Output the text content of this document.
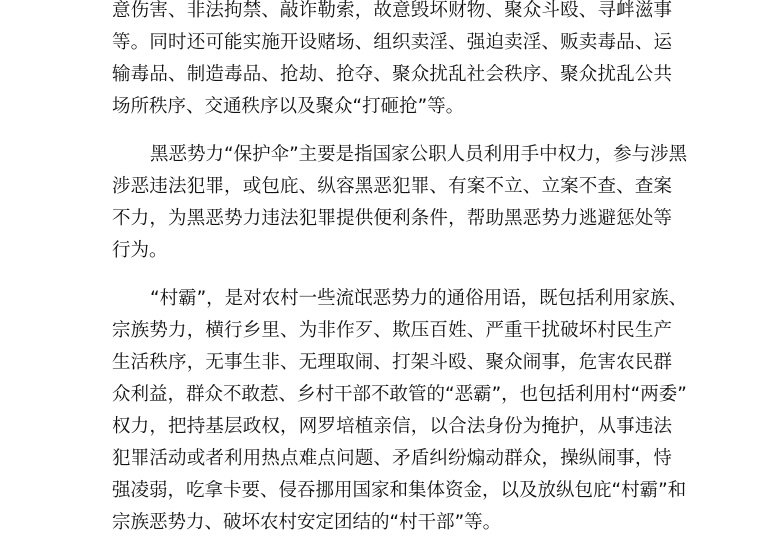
意伤害、非法拘禁、敲诈勒索，故意毁坏财物、聚众斗殴、寻衅滋事
等。同时还可能实施开设赌场、组织卖淫、强迫卖淫、贩卖毒品、运
输毒品、制造毒品、抢劫、抢夺、聚众扰乱社会秩序、聚众扰乱公共
场所秩序、交通秩序以及聚众“打砸抢”等。
黑恶势力“保护伞”主要是指国家公职人员利用手中权力，参与涉黑
涉恶违法犯罪，或包庇、纵容黑恶犯罪、有案不立、立案不查、查案
不力，为黑恶势力违法犯罪提供便利条件，帮助黑恶势力逃避惩处等
行为。
“村霸”，是对农村一些流氓恶势力的通俗用语，既包括利用家族、
宗族势力，横行乡里、为非作歹、欺压百姓、严重干扰破坏村民生产
生活秩序，无事生非、无理取闹、打架斗殴、聚众闹事，危害农民群
众利益，群众不敢惹、乡村干部不敢管的“恶霸”，也包括利用村“两委”
权力，把持基层政权，网罗培植亲信，以合法身份为掩护，从事违法
犯罪活动或者利用热点难点问题、矛盾纠纷煽动群众，操纵闹事，恃
强凌弱，吃拿卡要、侵吞挪用国家和集体资金，以及放纵包庇“村霸”和
宗族恶势力、破坏农村安定团结的“村干部”等。
